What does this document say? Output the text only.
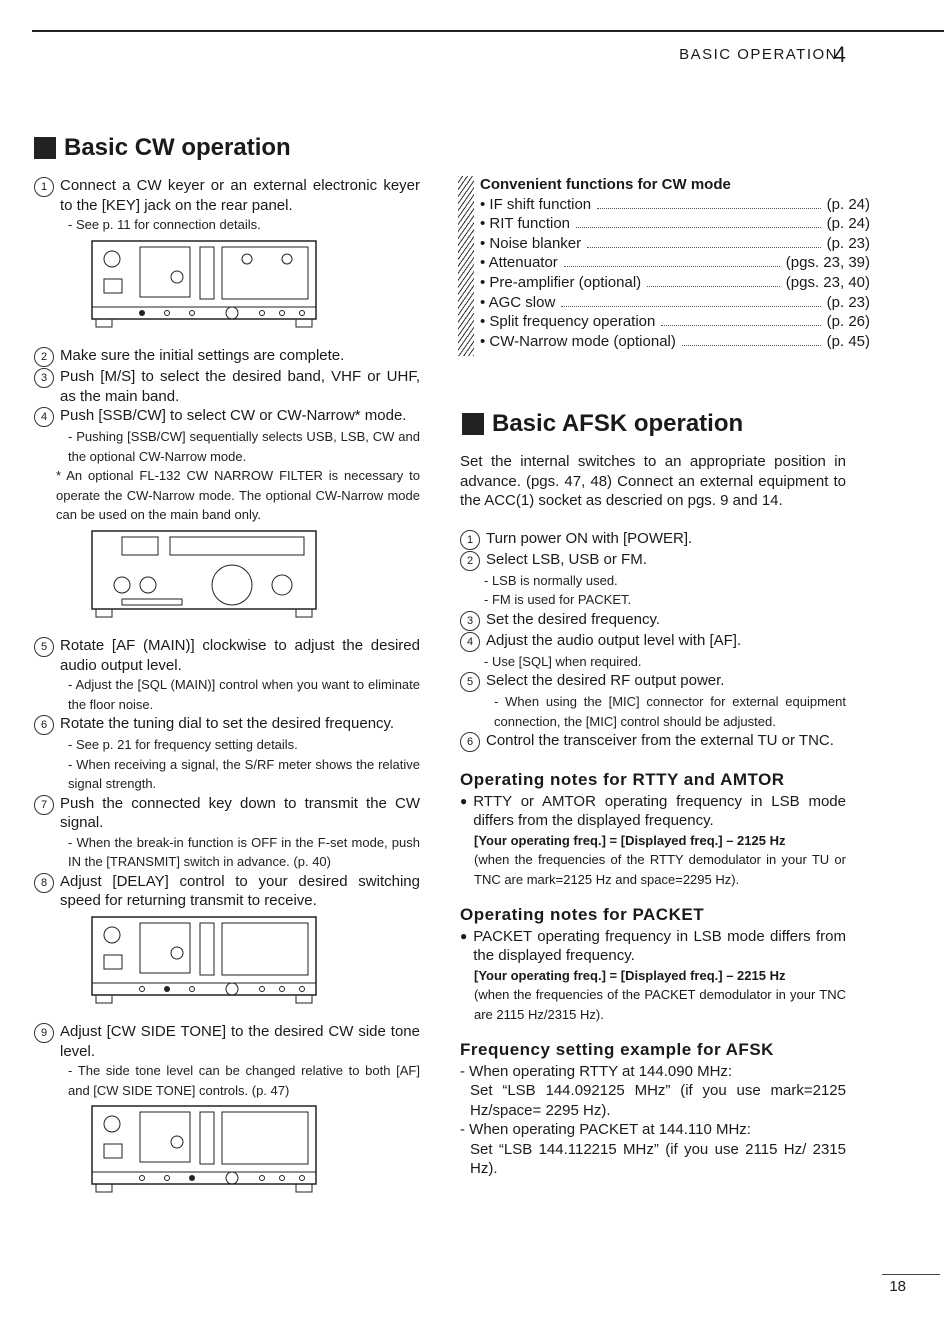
BASIC OPERATION
4
Basic CW operation
1 Connect a CW keyer or an external electronic keyer to the [KEY] jack on the rear panel.
- See p. 11 for connection details.
2 Make sure the initial settings are complete.
3 Push [M/S] to select the desired band, VHF or UHF, as the main band.
4 Push [SSB/CW] to select CW or CW-Narrow* mode.
- Pushing [SSB/CW] sequentially selects USB, LSB, CW and the optional CW-Narrow mode.
* An optional FL-132 CW NARROW FILTER is necessary to operate the CW-Narrow mode. The optional CW-Narrow mode can be used on the main band only.
5 Rotate [AF (MAIN)] clockwise to adjust the desired audio output level.
- Adjust the [SQL (MAIN)] control when you want to eliminate the floor noise.
6 Rotate the tuning dial to set the desired frequency.
- See p. 21 for frequency setting details.
- When receiving a signal, the S/RF meter shows the relative signal strength.
7 Push the connected key down to transmit the CW signal.
- When the break-in function is OFF in the F-set mode, push IN the [TRANSMIT] switch in advance. (p. 40)
8 Adjust [DELAY] control to your desired switching speed for returning transmit to receive.
9 Adjust [CW SIDE TONE] to the desired CW side tone level.
- The side tone level can be changed relative to both [AF] and [CW SIDE TONE] controls. (p. 47)
Convenient functions for CW mode
• IF shift function	(p. 24)
• RIT function	(p. 24)
• Noise blanker	(p. 23)
• Attenuator	(pgs. 23, 39)
• Pre-amplifier (optional)	(pgs. 23, 40)
• AGC slow	(p. 23)
• Split frequency operation	(p. 26)
• CW-Narrow mode (optional)	(p. 45)
Basic AFSK operation
Set the internal switches to an appropriate position in advance. (pgs. 47, 48) Connect an external equipment to the ACC(1) socket as descried on pgs. 9 and 14.
1 Turn power ON with [POWER].
2 Select LSB, USB or FM.
- LSB is normally used.
- FM is used for PACKET.
3 Set the desired frequency.
4 Adjust the audio output level with [AF].
- Use [SQL] when required.
5 Select the desired RF output power.
- When using the [MIC] connector for external equipment connection, the [MIC] control should be adjusted.
6 Control the transceiver from the external TU or TNC.
Operating notes for RTTY and AMTOR
● RTTY or AMTOR operating frequency in LSB mode differs from the displayed frequency.
[Your operating freq.] = [Displayed freq.] – 2125 Hz
(when the frequencies of the RTTY demodulator in your TU or TNC are mark=2125 Hz and space=2295 Hz).
Operating notes for PACKET
● PACKET operating frequency in LSB mode differs from the displayed frequency.
[Your operating freq.] = [Displayed freq.] – 2215 Hz
(when the frequencies of the PACKET demodulator in your TNC are 2115 Hz/2315 Hz).
Frequency setting example for AFSK
- When operating RTTY at 144.090 MHz:
Set “LSB 144.092125 MHz” (if you use mark=2125 Hz/space= 2295 Hz).
- When operating PACKET at 144.110 MHz:
Set “LSB 144.112215 MHz” (if you use 2115 Hz/ 2315 Hz).
18
